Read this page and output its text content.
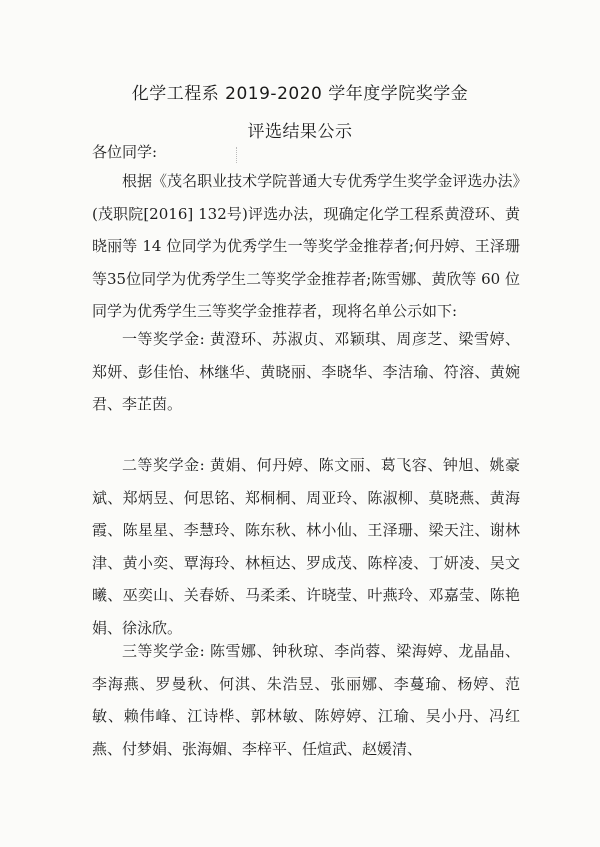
化学工程系 2019-2020 学年度学院奖学金
评选结果公示
各位同学:

根据《茂名职业技术学院普通大专优秀学生奖学金评选办法》(茂职院[2016] 132号)评选办法，现确定化学工程系黄澄环、黄晓丽等 14 位同学为优秀学生一等奖学金推荐者;何丹婷、王泽珊等35位同学为优秀学生二等奖学金推荐者;陈雪娜、黄欣等 60 位同学为优秀学生三等奖学金推荐者，现将名单公示如下:

一等奖学金: 黄澄环、苏淑贞、邓颖琪、周彦芝、梁雪婷、郑妍、彭佳怡、林继华、黄晓丽、李晓华、李洁瑜、符溶、黄婉君、李芷茵。

二等奖学金: 黄娟、何丹婷、陈文丽、葛飞容、钟旭、姚豪斌、郑炳昱、何思铭、郑桐桐、周亚玲、陈淑柳、莫晓燕、黄海霞、陈星星、李慧玲、陈东秋、林小仙、王泽珊、梁天注、谢林津、黄小奕、覃海玲、林桓达、罗成茂、陈梓凌、丁妍凌、吴文曦、巫奕山、关春娇、马柔柔、许晓莹、叶燕玲、邓嘉莹、陈艳娟、徐泳欣。

三等奖学金: 陈雪娜、钟秋琼、李尚蓉、梁海婷、龙晶晶、李海燕、罗曼秋、何淇、朱浩昱、张丽娜、李蔓瑜、杨婷、范敏、赖伟峰、江诗桦、郭林敏、陈婷婷、江瑜、吴小丹、冯红燕、付梦娟、张海媚、李梓平、任煊武、赵媛清、
